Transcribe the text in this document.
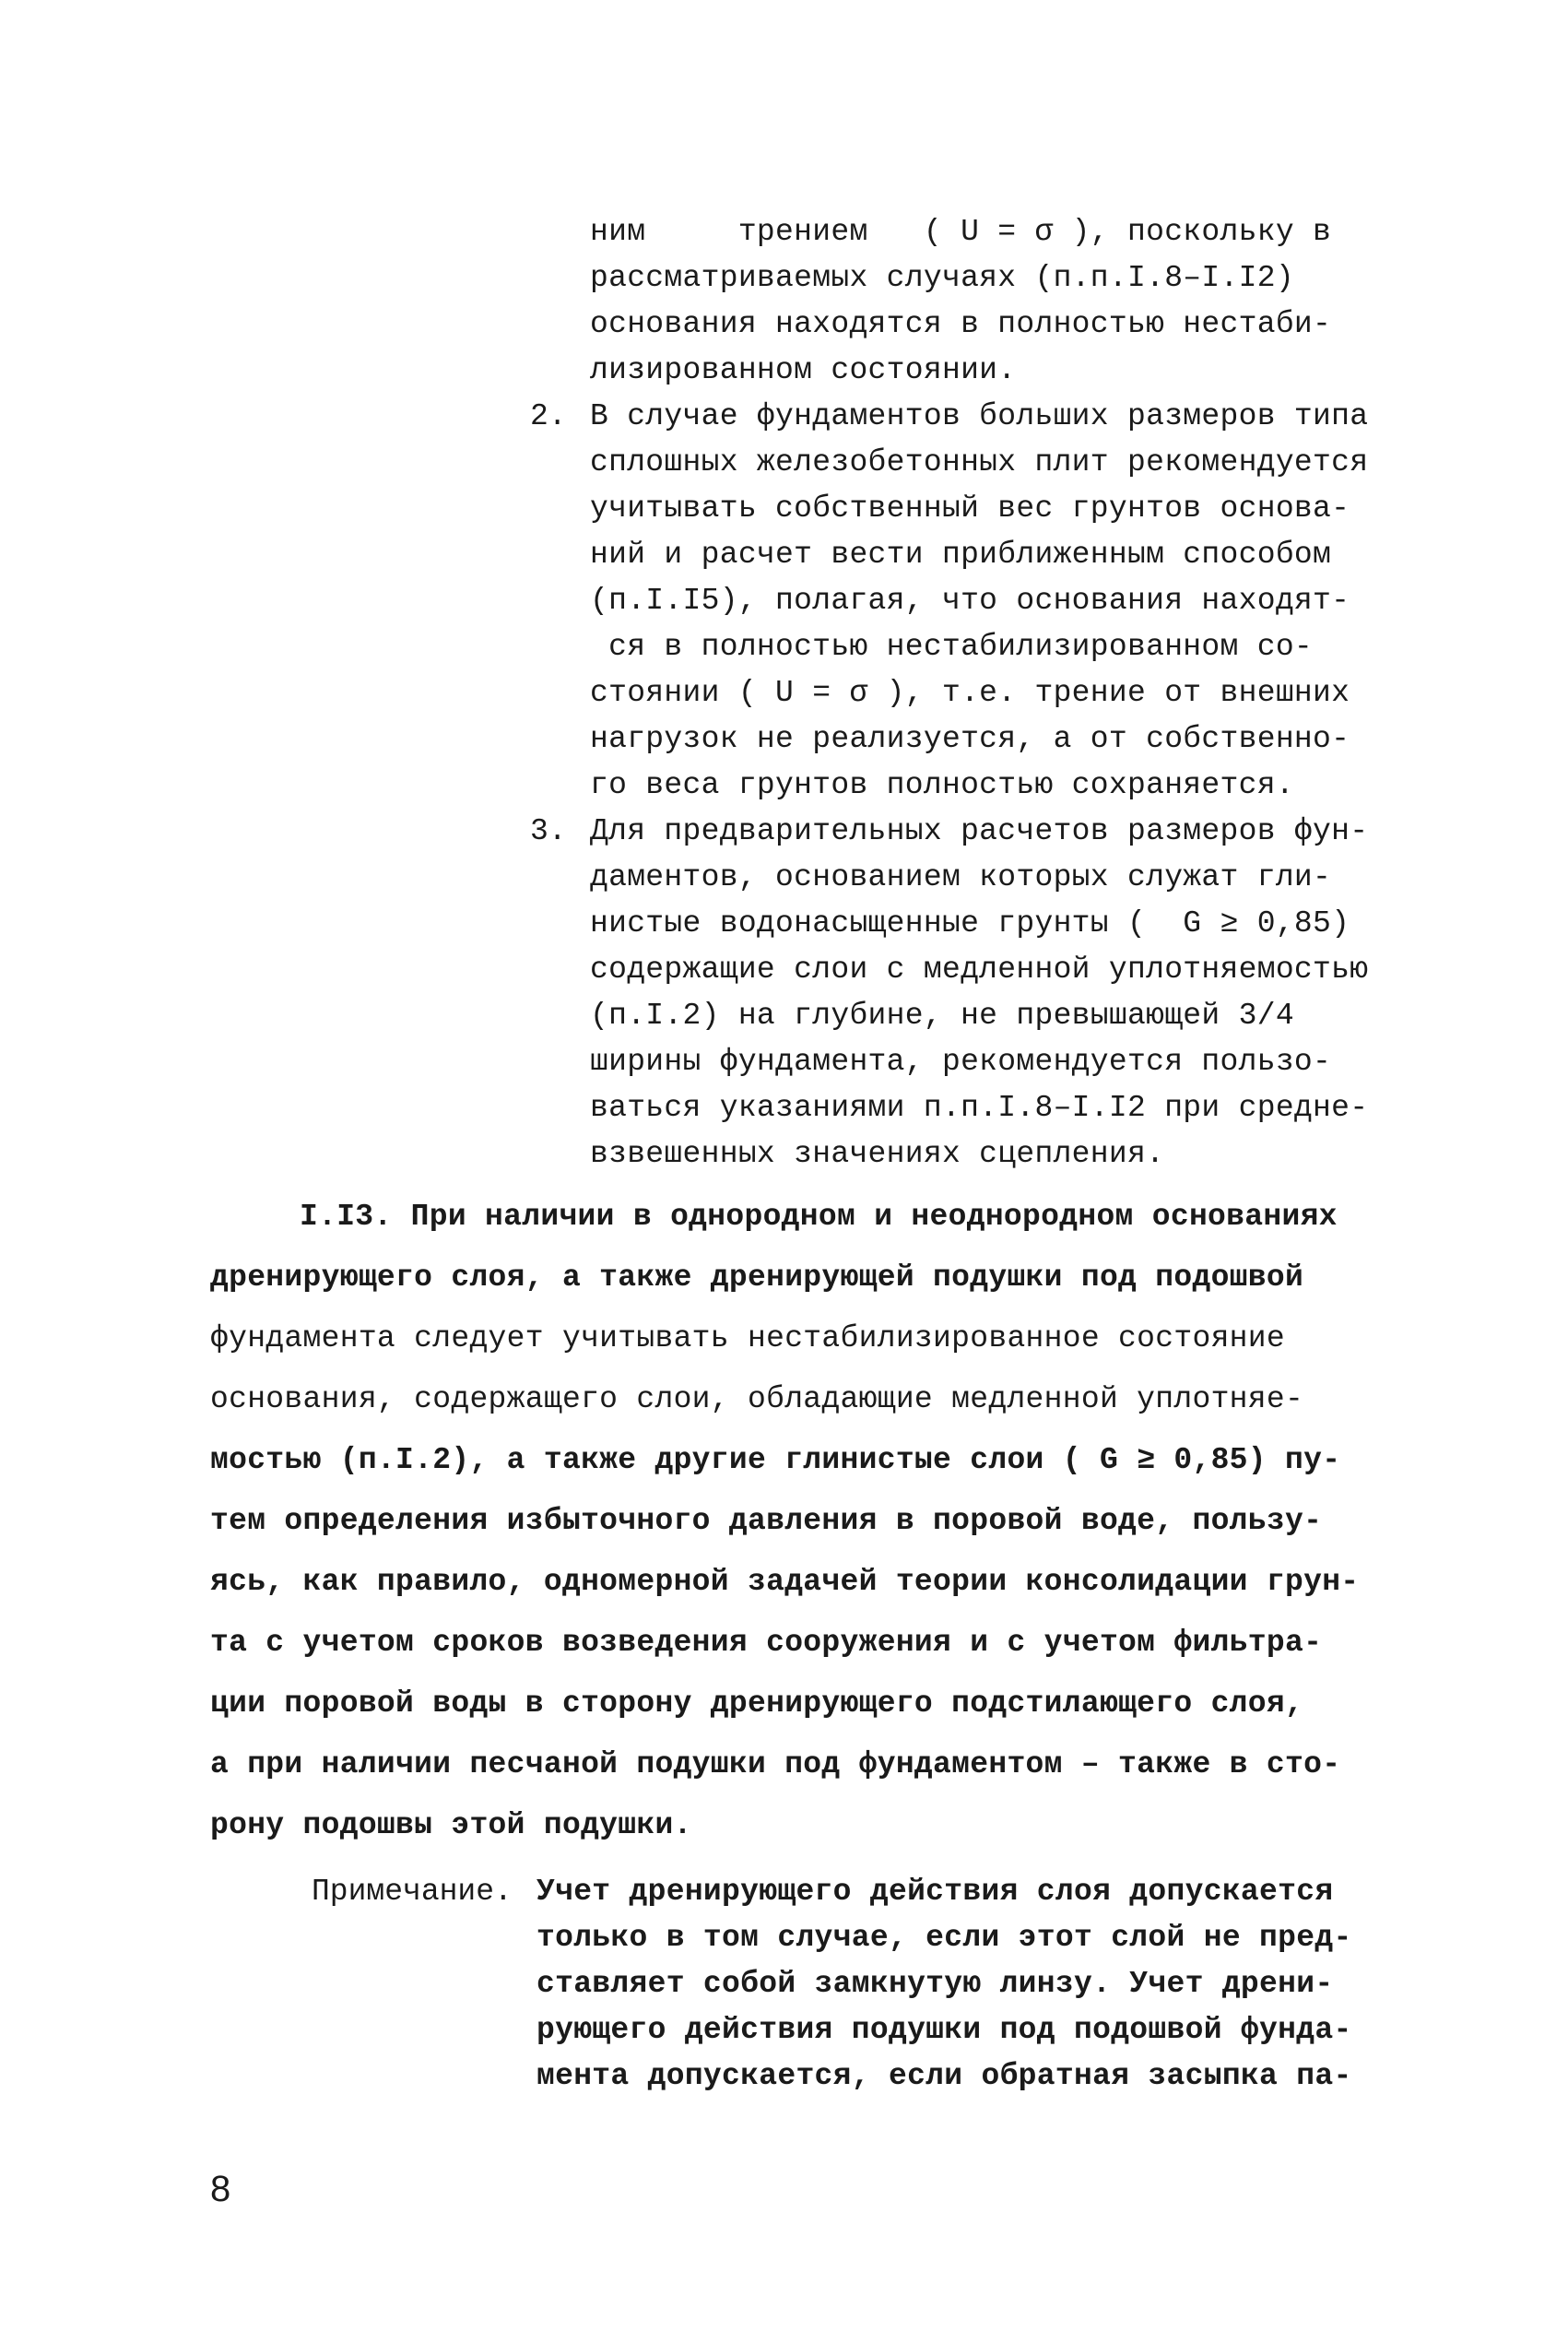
ним     трением   ( U = σ ), поскольку в
рассматриваемых случаях (п.п.I.8–I.I2)
основания находятся в полностью нестаби-
лизированном состоянии.
2. В случае фундаментов больших размеров типа
сплошных железобетонных плит рекомендуется
учитывать собственный вес грунтов основа-
ний и расчет вести приближенным способом
(п.I.I5), полагая, что основания находят-
ся в полностью нестабилизированном со-
стоянии ( U = σ ), т.е. трение от внешних
нагрузок не реализуется, а от собственно-
го веса грунтов полностью сохраняется.
3. Для предварительных расчетов размеров фун-
даментов, основанием которых служат гли-
нистые водонасыщенные грунты (  G ≥ 0,85)
содержащие слои с медленной уплотняемостью
(п.I.2) на глубине, не превышающей 3/4
ширины фундамента, рекомендуется пользо-
ваться указаниями п.п.I.8–I.I2 при средне-
взвешенных значениях сцепления.
I.I3. При наличии в однородном и неоднородном основаниях
дренирующего слоя, а также дренирующей подушки под подошвой
фундамента следует учитывать нестабилизированное состояние
основания, содержащего слои, обладающие медленной уплотняе-
мостью (п.I.2), а также другие глинистые слои ( G ≥ 0,85) пу-
тем определения избыточного давления в поровой воде, пользу-
ясь, как правило, одномерной задачей теории консолидации грун-
та с учетом сроков возведения сооружения и с учетом фильтра-
ции поровой воды в сторону дренирующего подстилающего слоя,
а при наличии песчаной подушки под фундаментом – также в сто-
рону подошвы этой подушки.
Примечание. Учет дренирующего действия слоя допускается
только в том случае, если этот слой не пред-
ставляет собой замкнутую линзу. Учет дрени-
рующего действия подушки под подошвой фунда-
мента допускается, если обратная засыпка па-
8
